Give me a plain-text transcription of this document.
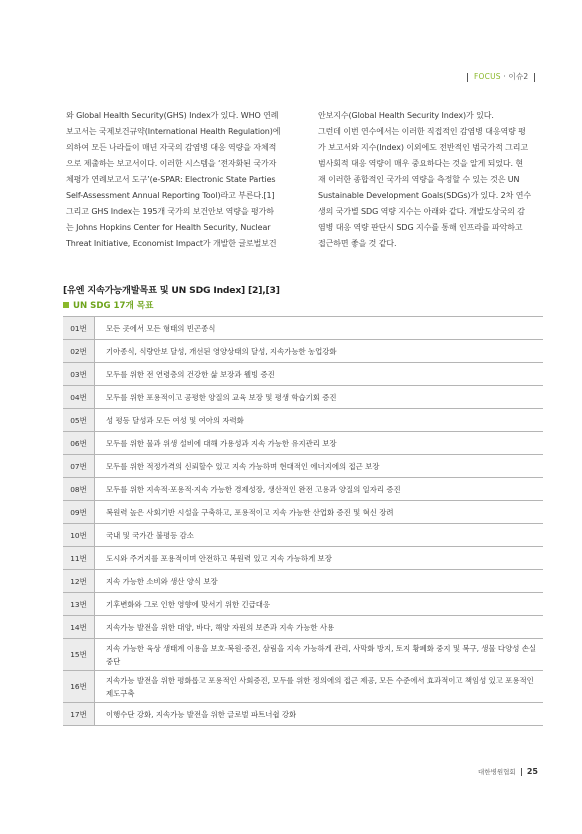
FOCUS · 이슈2

와 Global Health Security(GHS) Index가 있다. WHO 연례

보고서는 국제보건규약(International Health Regulation)에

의하여 모든 나라들이 매년 자국의 감염병 대응 역량을 자체적

으로 제출하는 보고서이다. 이러한 시스템을 ‘전자화된 국가자

체평가 연례보고서 도구’(e-SPAR: Electronic State Parties

Self-Assessment Annual Reporting Tool)라고 부른다.[1]

그리고 GHS Index는 195개 국가의 보건안보 역량을 평가하

는 Johns Hopkins Center for Health Security, Nuclear

Threat Initiative, Economist Impact가 개발한 글로벌보건

안보지수(Global Health Security Index)가 있다.

그런데 이번 연수에서는 이러한 직접적인 감염병 대응역량 평

가 보고서와 지수(Index) 이외에도 전반적인 범국가적 그리고

범사회적 대응 역량이 매우 중요하다는 것을 알게 되었다. 현

재 이러한 종합적인 국가의 역량을 측정할 수 있는 것은 UN

Sustainable Development Goals(SDGs)가 있다. 2차 연수

생의 국가별 SDG 역량 지수는 아래와 같다. 개발도상국의 감

염병 대응 역량 판단시 SDG 지수를 통해 인프라를 파악하고

접근하면 좋을 것 같다.

[유엔 지속가능개발목표 및 UN SDG Index] [2],[3]
UN SDG 17개 목표
01번	모든 곳에서 모든 형태의 빈곤종식
02번	기아종식, 식량안보 달성, 개선된 영양상태의 달성, 지속가능한 농업강화
03번	모두를 위한 전 연령층의 건강한 삶 보장과 웰빙 증진
04번	모두를 위한 포용적이고 공평한 양질의 교육 보장 및 평생 학습기회 증진
05번	성 평등 달성과 모든 여성 및 여아의 자력화
06번	모두를 위한 물과 위생 설비에 대해 가용성과 지속 가능한 유지관리 보장
07번	모두를 위한 적정가격의 신뢰할수 있고 지속 가능하며 현대적인 에너지에의 접근 보장
08번	모두를 위한 지속적·포용적·지속 가능한 경제성장, 생산적인 완전 고용과 양질의 일자리 증진
09번	복원력 높은 사회기반 시설을 구축하고, 포용적이고 지속 가능한 산업화 증진 및 혁신 장려
10번	국내 및 국가간 불평등 감소
11번	도시와 주거지를 포용적이며 안전하고 복원력 있고 지속 가능하게 보장
12번	지속 가능한 소비와 생산 양식 보장
13번	기후변화와 그로 인한 영향에 맞서기 위한 긴급대응
14번	지속가능 발전을 위한 대양, 바다, 해양 자원의 보존과 지속 가능한 사용
15번	지속 가능한 육상 생태계 이용을 보호·복원·증진, 삼림을 지속 가능하게 관리, 사막화 방지, 토지 황폐화 중지 및 복구, 생물 다양성 손실 중단
16번	지속가능 발전을 위한 평화롭고 포용적인 사회증진, 모두를 위한 정의에의 접근 제공, 모든 수준에서 효과적이고 책임성 있고 포용적인 제도구축
17번	이행수단 강화, 지속가능 발전을 위한 글로벌 파트너쉽 강화
대한병원협회 25
